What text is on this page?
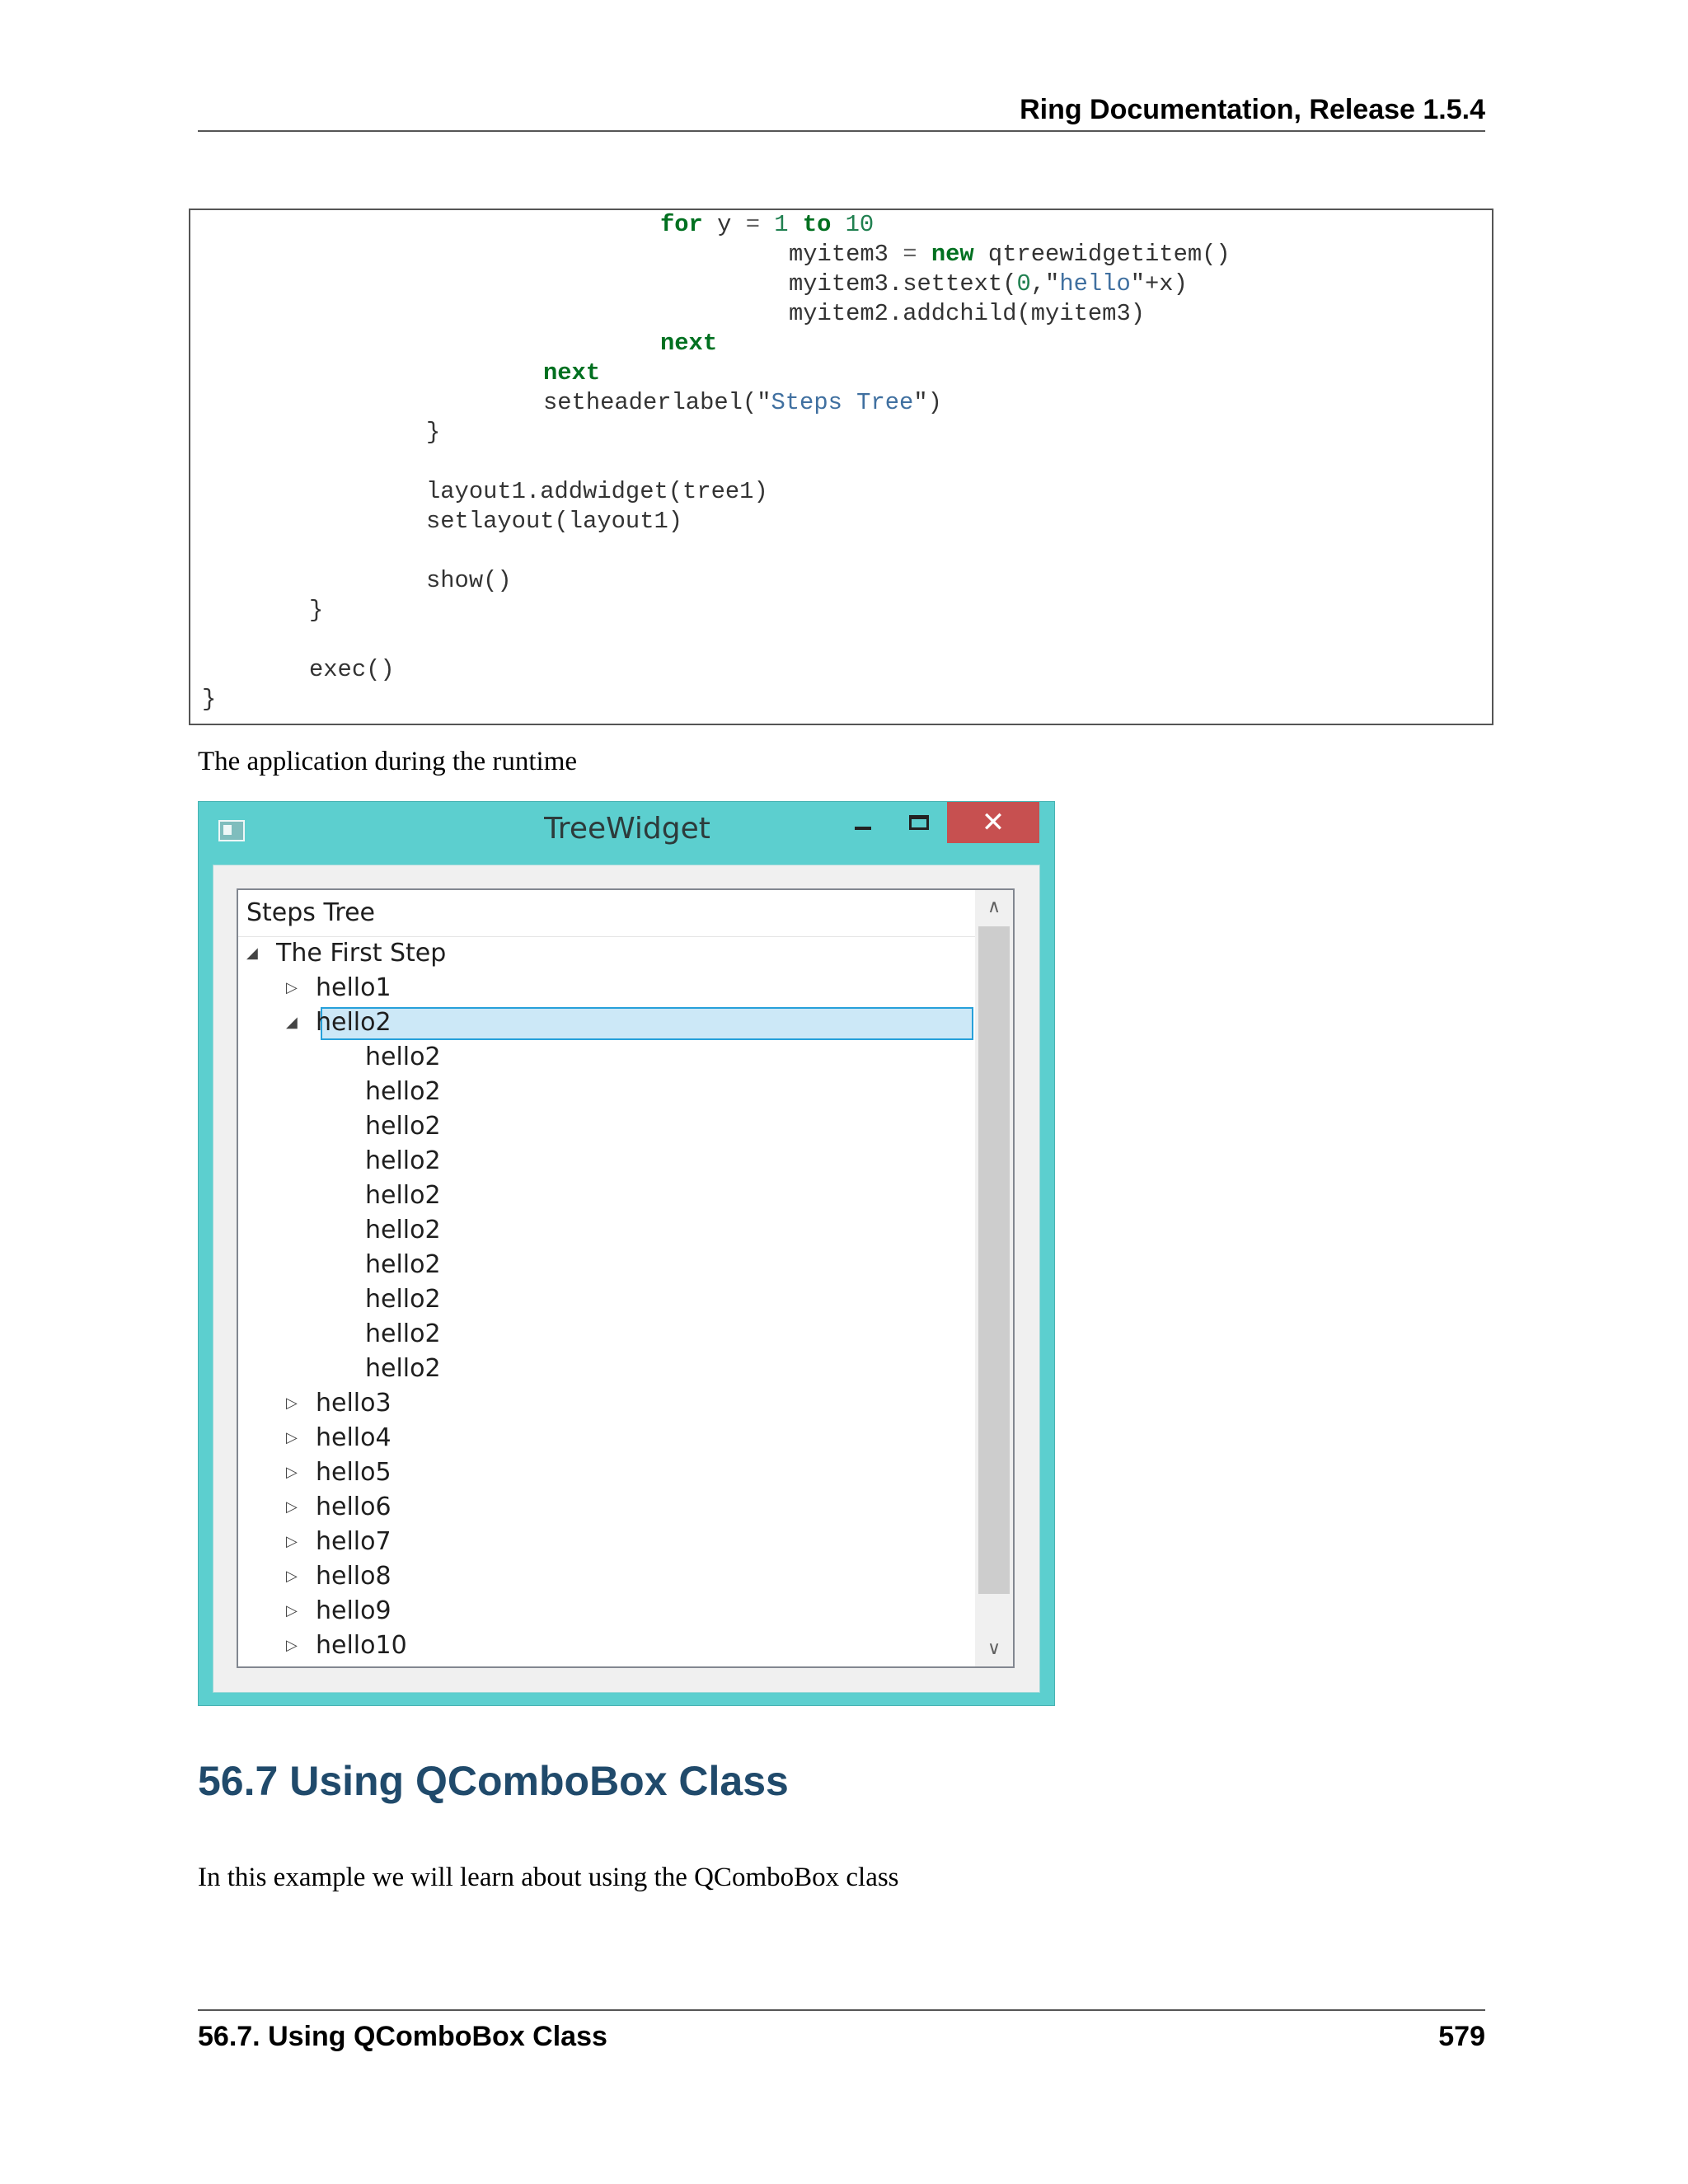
Ring Documentation, Release 1.5.4
for y = 1 to 10
myitem3 = new qtreewidgetitem()
myitem3.settext(0,"hello"+x)
myitem2.addchild(myitem3)
next
next
setheaderlabel("Steps Tree")
}
layout1.addwidget(tree1)
setlayout(layout1)
show()
}
exec()
}
The application during the runtime
TreeWidget	✕
Steps Tree
◢ The First Step
▷ hello1
◢ hello2
hello2
hello2
hello2
hello2
hello2
hello2
hello2
hello2
hello2
hello2
▷ hello3
▷ hello4
▷ hello5
▷ hello6
▷ hello7
▷ hello8
▷ hello9
▷ hello10
∧
∨
56.7 Using QComboBox Class
In this example we will learn about using the QComboBox class
56.7. Using QComboBox Class	579
